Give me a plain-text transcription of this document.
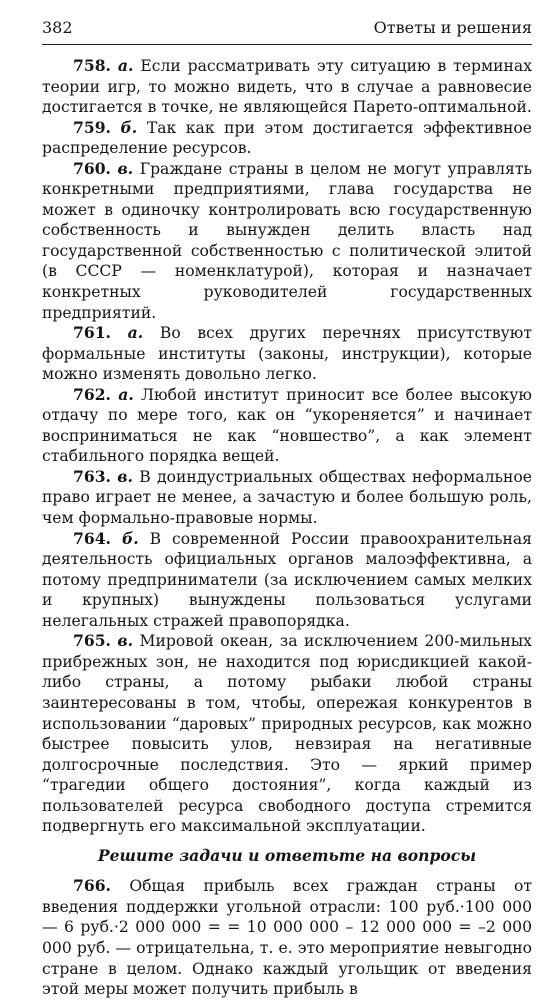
382	Ответы и решения

758. а. Если рассматривать эту ситуацию в терминах теории игр, то можно видеть, что в случае а равновесие достигается в точке, не являющейся Парето-оптимальной.

759. б. Так как при этом достигается эффективное распределение ресурсов.

760. в. Граждане страны в целом не могут управлять конкретными предприятиями, глава государства не может в одиночку контролировать всю государственную собственность и вынужден делить власть над государственной собственностью с политической элитой (в СССР — номенклатурой), которая и назначает конкретных руководителей государственных предприятий.

761. а. Во всех других перечнях присутствуют формальные институты (законы, инструкции), которые можно изменять довольно легко.

762. а. Любой институт приносит все более высокую отдачу по мере того, как он “укореняется” и начинает восприниматься не как “новшество”, а как элемент стабильного порядка вещей.

763. в. В доиндустриальных обществах неформальное право играет не менее, а зачастую и более большую роль, чем формально-правовые нормы.

764. б. В современной России правоохранительная деятельность официальных органов малоэффективна, а потому предприниматели (за исключением самых мелких и крупных) вынуждены пользоваться услугами нелегальных стражей правопорядка.

765. в. Мировой океан, за исключением 200-мильных прибрежных зон, не находится под юрисдикцией какой-либо страны, а потому рыбаки любой страны заинтересованы в том, чтобы, опережая конкурентов в использовании “даровых” природных ресурсов, как можно быстрее повысить улов, невзирая на негативные долгосрочные последствия. Это — яркий пример “трагедии общего достояния”, когда каждый из пользователей ресурса свободного доступа стремится подвергнуть его максимальной эксплуатации.

Решите задачи и ответьте на вопросы

766. Общая прибыль всех граждан страны от введения поддержки угольной отрасли: 100 руб.·100 000 — 6 руб.·2 000 000 = = 10 000 000 – 12 000 000 = –2 000 000 руб. — отрицательна, т. е. это мероприятие невыгодно стране в целом. Однако каждый угольщик от введения этой меры может получить прибыль в
